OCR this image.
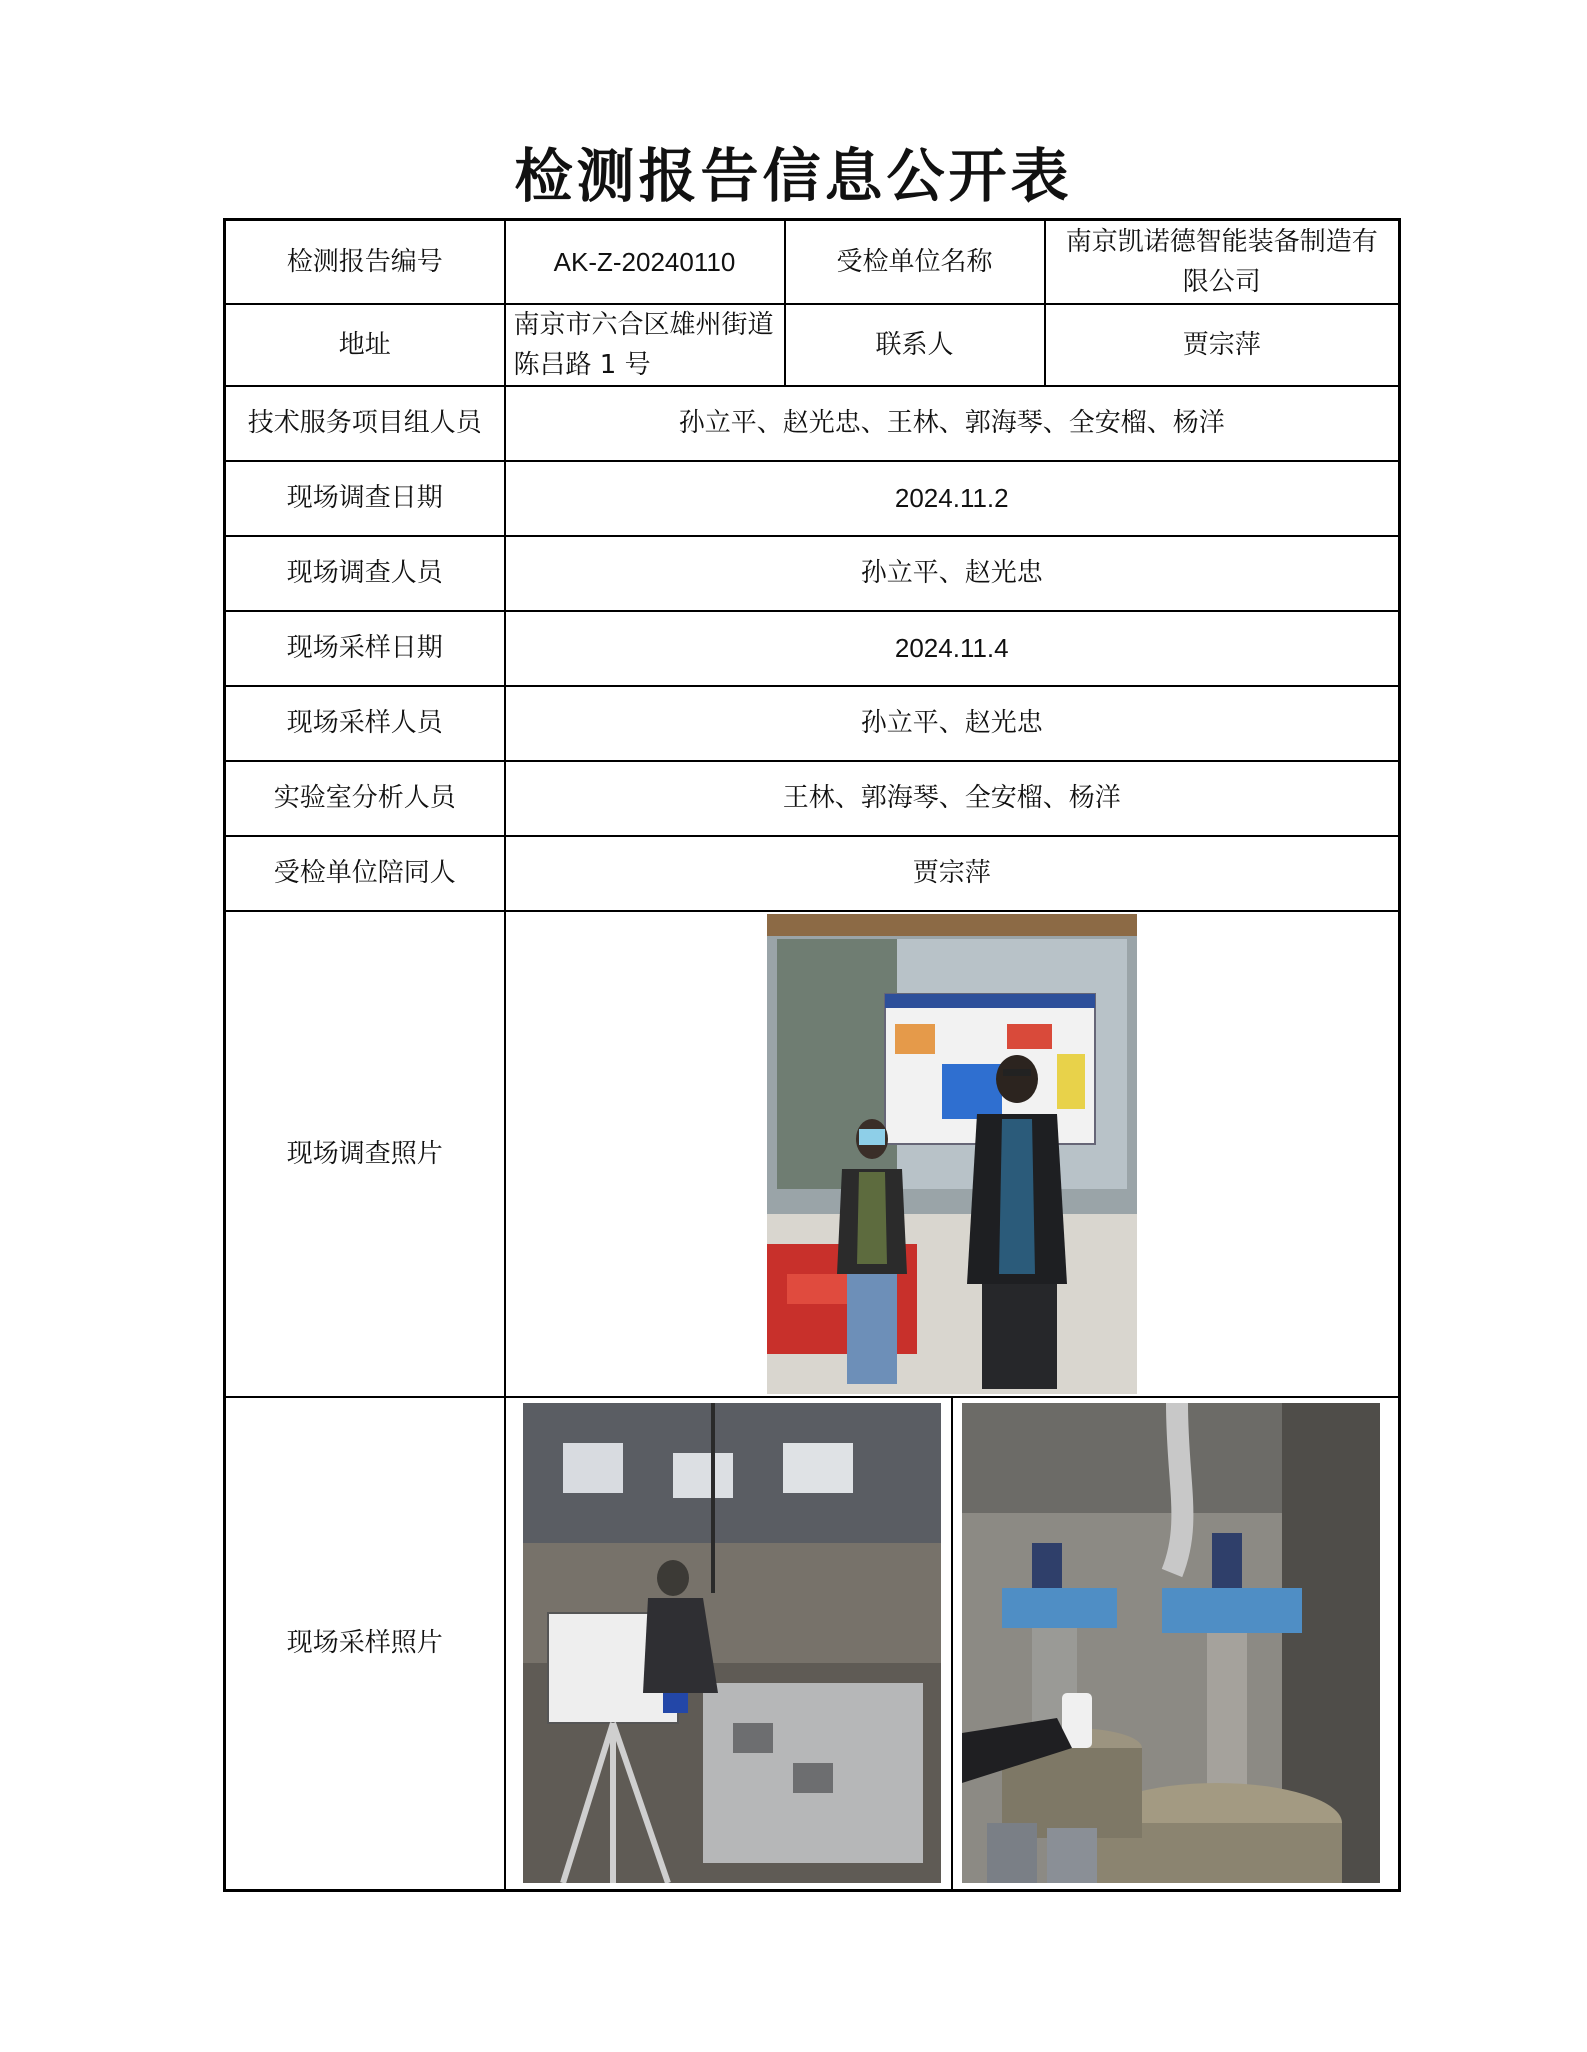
检测报告信息公开表
检测报告编号	AK-Z-20240110	受检单位名称	南京凯诺德智能装备制造有限公司
地址	南京市六合区雄州街道陈吕路 1 号	联系人	贾宗萍
技术服务项目组人员	孙立平、赵光忠、王林、郭海琴、全安榴、杨洋		
现场调查日期	2024.11.2		
现场调查人员	孙立平、赵光忠		
现场采样日期	2024.11.4		
现场采样人员	孙立平、赵光忠		
实验室分析人员	王林、郭海琴、全安榴、杨洋		
受检单位陪同人	贾宗萍		
现场调查照片	

现场采样照片	
